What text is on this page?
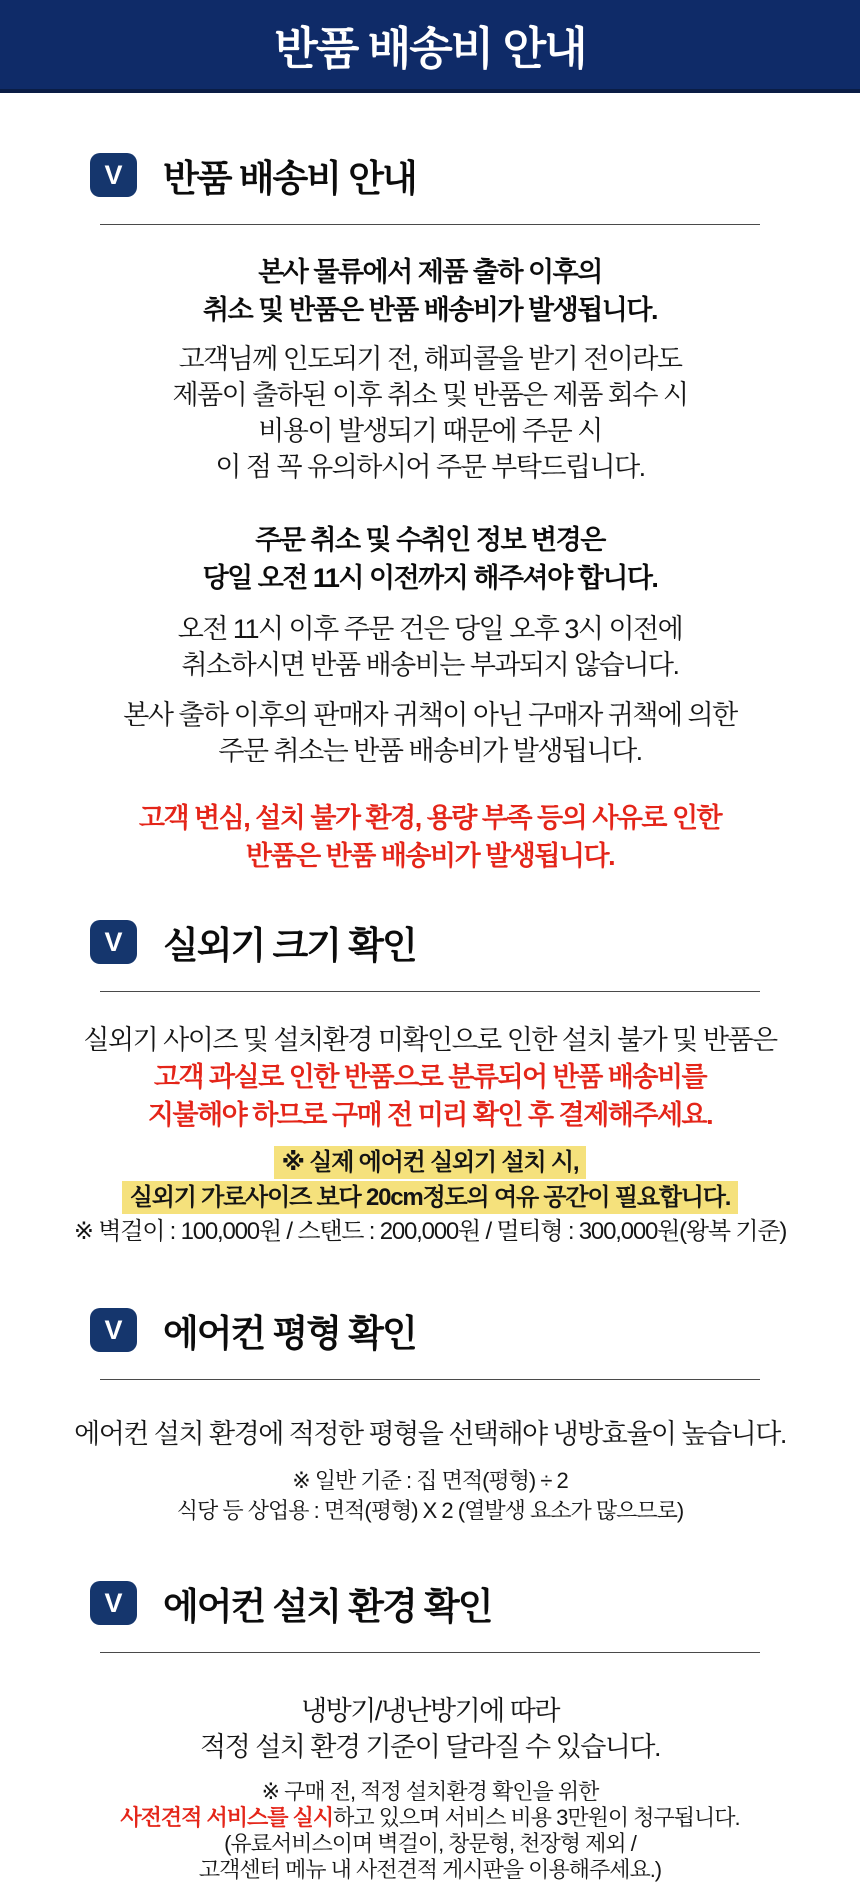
반품 배송비 안내
V	반품 배송비 안내
본사 물류에서 제품 출하 이후의
취소 및 반품은 반품 배송비가 발생됩니다.
고객님께 인도되기 전, 해피콜을 받기 전이라도
제품이 출하된 이후 취소 및 반품은 제품 회수 시
비용이 발생되기 때문에 주문 시
이 점 꼭 유의하시어 주문 부탁드립니다.
주문 취소 및 수취인 정보 변경은
당일 오전 11시 이전까지 해주셔야 합니다.
오전 11시 이후 주문 건은 당일 오후 3시 이전에
취소하시면 반품 배송비는 부과되지 않습니다.
본사 출하 이후의 판매자 귀책이 아닌 구매자 귀책에 의한
주문 취소는 반품 배송비가 발생됩니다.
고객 변심, 설치 불가 환경, 용량 부족 등의 사유로 인한
반품은 반품 배송비가 발생됩니다.
V	실외기 크기 확인
실외기 사이즈 및 설치환경 미확인으로 인한 설치 불가 및 반품은
고객 과실로 인한 반품으로 분류되어 반품 배송비를
지불해야 하므로 구매 전 미리 확인 후 결제해주세요.
※ 실제 에어컨 실외기 설치 시,
실외기 가로사이즈 보다 20cm정도의 여유 공간이 필요합니다.
※ 벽걸이 : 100,000원 / 스탠드 : 200,000원 / 멀티형 : 300,000원(왕복 기준)
V	에어컨 평형 확인
에어컨 설치 환경에 적정한 평형을 선택해야 냉방효율이 높습니다.
※ 일반 기준 : 집 면적(평형) ÷ 2
식당 등 상업용 : 면적(평형) X 2 (열발생 요소가 많으므로)
V	에어컨 설치 환경 확인
냉방기/냉난방기에 따라
적정 설치 환경 기준이 달라질 수 있습니다.
※ 구매 전, 적정 설치환경 확인을 위한
사전견적 서비스를 실시하고 있으며 서비스 비용 3만원이 청구됩니다.
(유료서비스이며 벽걸이, 창문형, 천장형 제외 /
고객센터 메뉴 내 사전견적 게시판을 이용해주세요.)
